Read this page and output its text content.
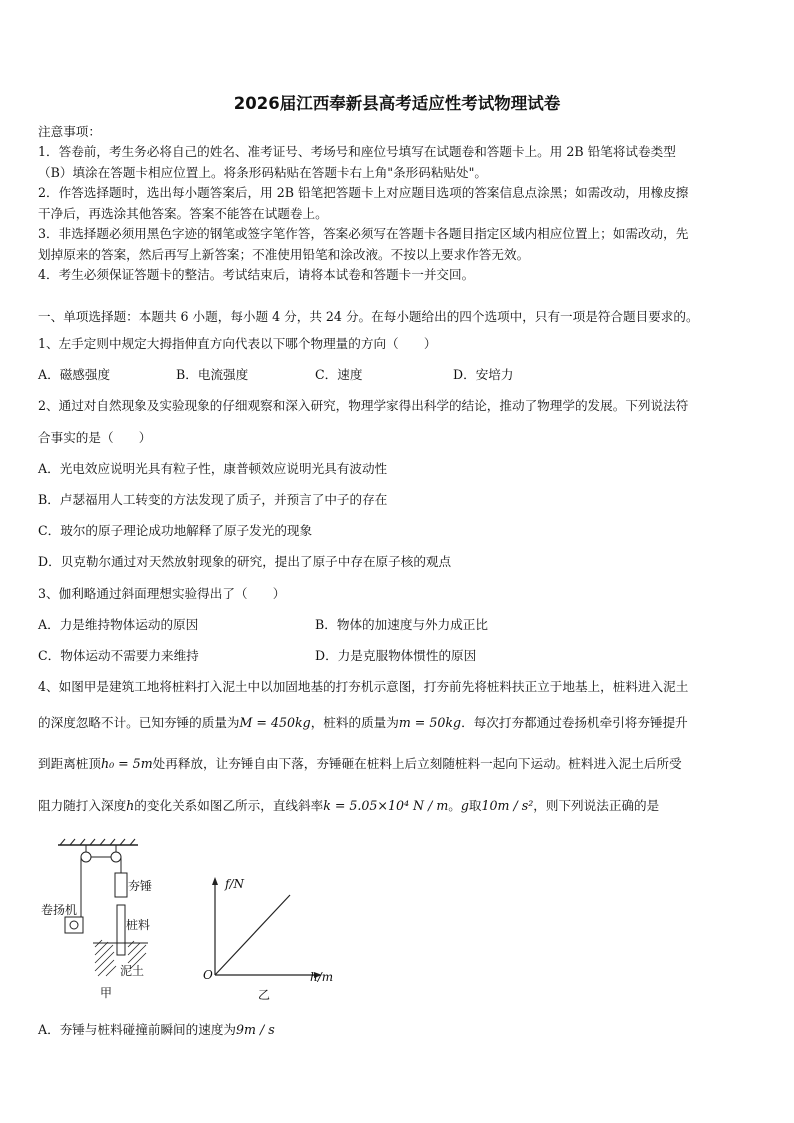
2026届江西奉新县高考适应性考试物理试卷
注意事项：
1．答卷前，考生务必将自己的姓名、准考证号、考场号和座位号填写在试题卷和答题卡上。用 2B 铅笔将试卷类型
（B）填涂在答题卡相应位置上。将条形码粘贴在答题卡右上角"条形码粘贴处"。
2．作答选择题时，选出每小题答案后，用 2B 铅笔把答题卡上对应题目选项的答案信息点涂黑；如需改动，用橡皮擦
干净后，再选涂其他答案。答案不能答在试题卷上。
3．非选择题必须用黑色字迹的钢笔或签字笔作答，答案必须写在答题卡各题目指定区域内相应位置上；如需改动，先
划掉原来的答案，然后再写上新答案；不准使用铅笔和涂改液。不按以上要求作答无效。
4．考生必须保证答题卡的整洁。考试结束后，请将本试卷和答题卡一并交回。
一、单项选择题：本题共 6 小题，每小题 4 分，共 24 分。在每小题给出的四个选项中，只有一项是符合题目要求的。
1、左手定则中规定大拇指伸直方向代表以下哪个物理量的方向（　　）
A．磁感强度	B．电流强度	C．速度	D．安培力
2、通过对自然现象及实验现象的仔细观察和深入研究，物理学家得出科学的结论，推动了物理学的发展。下列说法符
合事实的是（　　）
A．光电效应说明光具有粒子性，康普顿效应说明光具有波动性
B．卢瑟福用人工转变的方法发现了质子，并预言了中子的存在
C．玻尔的原子理论成功地解释了原子发光的现象
D．贝克勒尔通过对天然放射现象的研究，提出了原子中存在原子核的观点
3、伽利略通过斜面理想实验得出了（　　）
A．力是维持物体运动的原因	B．物体的加速度与外力成正比
C．物体运动不需要力来维持	D．力是克服物体惯性的原因
4、如图甲是建筑工地将桩料打入泥土中以加固地基的打夯机示意图，打夯前先将桩料扶正立于地基上，桩料进入泥土
的深度忽略不计。已知夯锤的质量为M = 450kg，桩料的质量为m = 50kg．每次打夯都通过卷扬机牵引将夯锤提升
到距离桩顶h₀ = 5m处再释放，让夯锤自由下落，夯锤砸在桩料上后立刻随桩料一起向下运动。桩料进入泥土后所受
阻力随打入深度h的变化关系如图乙所示，直线斜率k = 5.05×10⁴ N / m。g取10m / s²，则下列说法正确的是
卷扬机
夯锤
桩料
泥土
甲
f/N
h/m
O
乙
A．夯锤与桩料碰撞前瞬间的速度为9m / s
